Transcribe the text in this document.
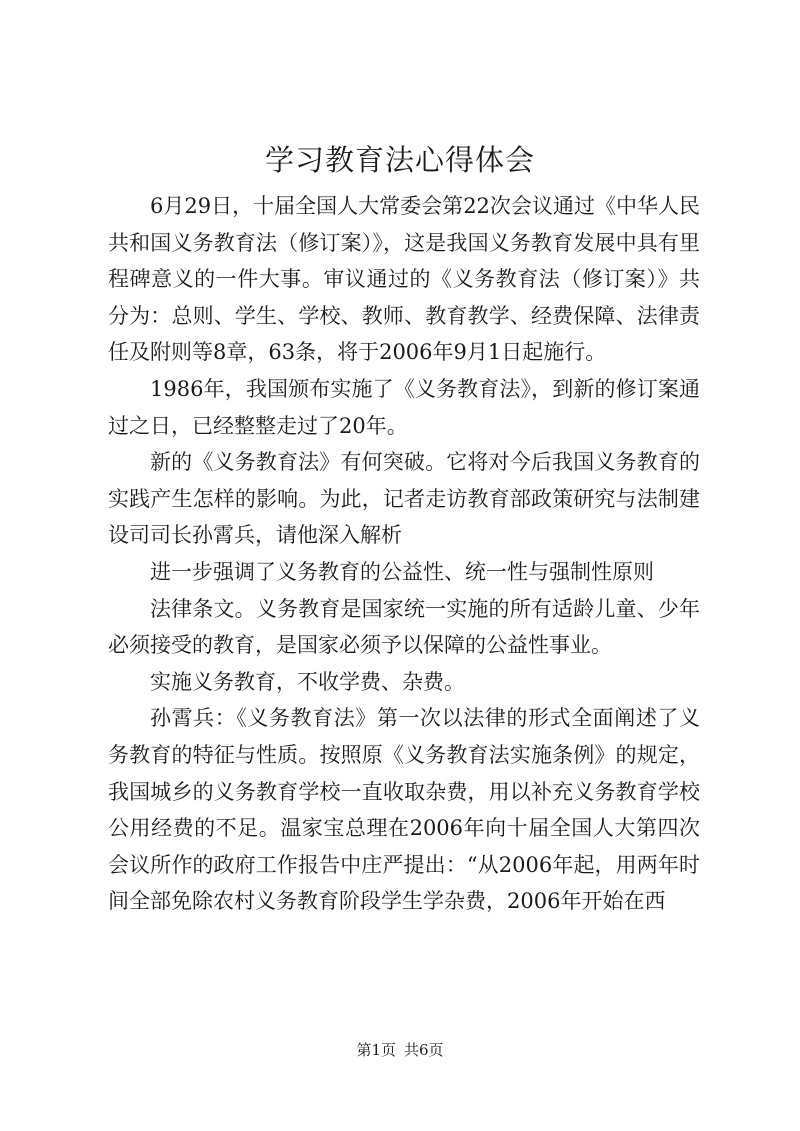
学习教育法心得体会

6月29日，十届全国人大常委会第22次会议通过《中华人民共和国义务教育法（修订案）》，这是我国义务教育发展中具有里程碑意义的一件大事。审议通过的《义务教育法（修订案）》共分为：总则、学生、学校、教师、教育教学、经费保障、法律责任及附则等8章，63条，将于2006年9月1日起施行。

1986年，我国颁布实施了《义务教育法》，到新的修订案通过之日，已经整整走过了20年。

新的《义务教育法》有何突破。它将对今后我国义务教育的实践产生怎样的影响。为此，记者走访教育部政策研究与法制建设司司长孙霄兵，请他深入解析

进一步强调了义务教育的公益性、统一性与强制性原则

法律条文。义务教育是国家统一实施的所有适龄儿童、少年必须接受的教育，是国家必须予以保障的公益性事业。

实施义务教育，不收学费、杂费。

孙霄兵：《义务教育法》第一次以法律的形式全面阐述了义务教育的特征与性质。按照原《义务教育法实施条例》的规定，我国城乡的义务教育学校一直收取杂费，用以补充义务教育学校公用经费的不足。温家宝总理在2006年向十届全国人大第四次会议所作的政府工作报告中庄严提出：“从2006年起，用两年时间全部免除农村义务教育阶段学生学杂费，2006年开始在西

第1页 共6页
